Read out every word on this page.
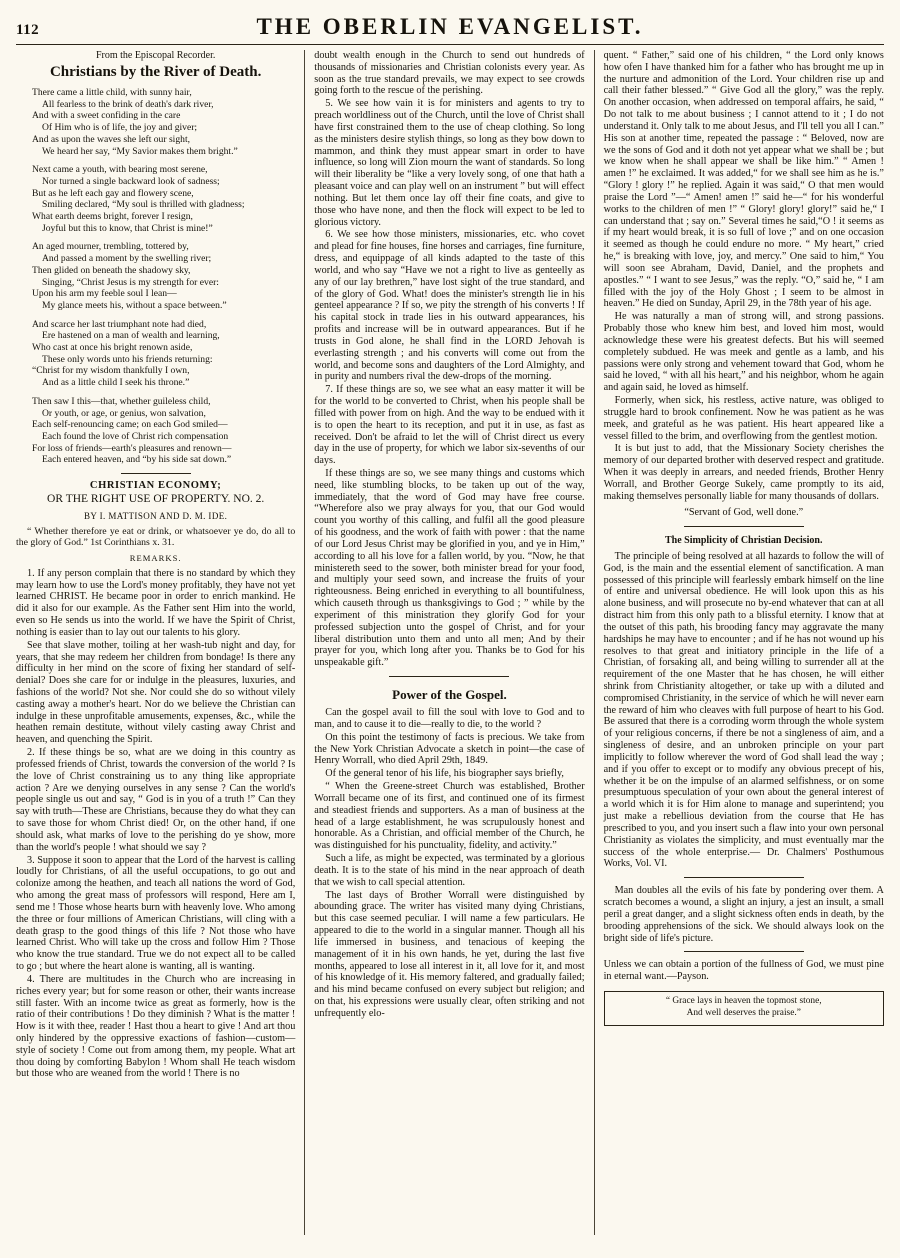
112	THE OBERLIN EVANGELIST.
From the Episcopal Recorder.
Christians by the River of Death.
There came a little child, with sunny hair,
All fearless to the brink of death's dark river,
And with a sweet confiding in the care
Of Him who is of life, the joy and giver;
And as upon the waves she left our sight,
We heard her say, “My Savior makes them bright.”
Next came a youth, with bearing most serene,
Nor turned a single backward look of sadness;
But as he left each gay and flowery scene,
Smiling declared, “My soul is thrilled with gladness;
What earth deems bright, forever I resign,
Joyful but this to know, that Christ is mine!”
An aged mourner, trembling, tottered by,
And passed a moment by the swelling river;
Then glided on beneath the shadowy sky,
Singing, “Christ Jesus is my strength for ever:
Upon his arm my feeble soul I lean—
My glance meets his, without a space between.”
And scarce her last triumphant note had died,
Ere hastened on a man of wealth and learning,
Who cast at once his bright renown aside,
These only words unto his friends returning:
“Christ for my wisdom thankfully I own,
And as a little child I seek his throne.”
Then saw I this—that, whether guileless child,
Or youth, or age, or genius, won salvation,
Each self-renouncing came; on each God smiled—
Each found the love of Christ rich compensation
For loss of friends—earth's pleasures and renown—
Each entered heaven, and “by his side sat down.”
CHRISTIAN ECONOMY;
OR THE RIGHT USE OF PROPERTY. NO. 2.
BY I. MATTISON AND D. M. IDE.
“ Whether therefore ye eat or drink, or whatsoever ye do, do all to the glory of God.” 1st Corinthians x. 31.
REMARKS.

1. If any person complain that there is no standard by which they may learn how to use the Lord's money profitably, they have not yet learned CHRIST. He became poor in order to enrich mankind. He did it also for our example. As the Father sent Him into the world, even so He sends us into the world. If we have the Spirit of Christ, nothing is easier than to lay out our talents to his glory.

See that slave mother, toiling at her wash-tub night and day, for years, that she may redeem her children from bondage! Is there any difficulty in her mind on the score of fixing her standard of self-denial? Does she care for or indulge in the pleasures, luxuries, and fashions of the world? Not she. Nor could she do so without vilely casting away a mother's heart. Nor do we believe the Christian can indulge in these unprofitable amusements, expenses, &c., while the heathen remain destitute, without vilely casting away Christ and heaven, and quenching the Spirit.

2. If these things be so, what are we doing in this country as professed friends of Christ, towards the conversion of the world ? Is the love of Christ constraining us to any thing like appropriate action ? Are we denying ourselves in any sense ? Can the world's people single us out and say, “ God is in you of a truth !” Can they say with truth—These are Christians, because they do what they can to save those for whom Christ died! Or, on the other hand, if one should ask, what marks of love to the perishing do ye show, more than the world's people ! what should we say ?

3. Suppose it soon to appear that the Lord of the harvest is calling loudly for Christians, of all the useful occupations, to go out and colonize among the heathen, and teach all nations the word of God, who among the great mass of professors will respond, Here am I, send me ! Those whose hearts burn with heavenly love. Who among the three or four millions of American Christians, will cling with a death grasp to the good things of this life ? Not those who have learned Christ. Who will take up the cross and follow Him ? Those who know the true standard. True we do not expect all to be called to go ; but where the heart alone is wanting, all is wanting.

4. There are multitudes in the Church who are increasing in riches every year; but for some reason or other, their wants increase still faster. With an income twice as great as formerly, how is the ratio of their contributions ! Do they diminish ? What is the matter ! How is it with thee, reader ! Hast thou a heart to give ! And art thou only hindered by the oppressive exactions of fashion—custom—style of society ! Come out from among them, my people. What art thou doing by comforting Babylon ! Whom shall He teach wisdom but those who are weaned from the world ! There is no

doubt wealth enough in the Church to send out hundreds of thousands of missionaries and Christian colonists every year. As soon as the true standard prevails, we may expect to see crowds going forth to the rescue of the perishing.

5. We see how vain it is for ministers and agents to try to preach worldliness out of the Church, until the love of Christ shall have first constrained them to the use of cheap clothing. So long as the ministers desire stylish things, so long as they bow down to mammon, and think they must appear smart in order to have influence, so long will Zion mourn the want of standards. So long will their liberality be “like a very lovely song, of one that hath a pleasant voice and can play well on an instrument ” but will effect nothing. But let them once lay off their fine coats, and give to those who have none, and then the flock will expect to be led to glorious victory.

6. We see how those ministers, missionaries, etc. who covet and plead for fine houses, fine horses and carriages, fine furniture, dress, and equippage of all kinds adapted to the taste of this world, and who say “Have we not a right to live as genteelly as any of our lay brethren,” have lost sight of the true standard, and of the glory of God. What! does the minister's strength lie in his genteel appearance ? If so, we pity the strength of his converts ! If his capital stock in trade lies in his outward appearances, his profits and increase will be in outward appearances. But if he trusts in God alone, he shall find in the LORD Jehovah is everlasting strength ; and his converts will come out from the world, and become sons and daughters of the Lord Almighty, and in purity and numbers rival the dew-drops of the morning.

7. If these things are so, we see what an easy matter it will be for the world to be converted to Christ, when his people shall be filled with power from on high. And the way to be endued with it is to open the heart to its reception, and put it in use, as fast as received. Don't be afraid to let the will of Christ direct us every day in the use of property, for which we labor six-sevenths of our days.

If these things are so, we see many things and customs which need, like stumbling blocks, to be taken up out of the way, immediately, that the word of God may have free course. “Wherefore also we pray always for you, that our God would count you worthy of this calling, and fulfil all the good pleasure of his goodness, and the work of faith with power : that the name of our Lord Jesus Christ may be glorified in you, and ye in Him,” according to all his love for a fallen world, by you. “Now, he that ministereth seed to the sower, both minister bread for your food, and multiply your seed sown, and increase the fruits of your righteousness. Being enriched in everything to all bountifulness, which causeth through us thanksgivings to God ; ” while by the experiment of this ministration they glorify God for your professed subjection unto the gospel of Christ, and for your liberal distribution unto them and unto all men; And by their prayer for you, which long after you. Thanks be to God for his unspeakable gift.”

Power of the Gospel.

Can the gospel avail to fill the soul with love to God and to man, and to cause it to die—really to die, to the world ?

On this point the testimony of facts is precious. We take from the New York Christian Advocate a sketch in point—the case of Henry Worrall, who died April 29th, 1849.

Of the general tenor of his life, his biographer says briefly,

“ When the Greene-street Church was established, Brother Worrall became one of its first, and continued one of its firmest and steadiest friends and supporters. As a man of business at the head of a large establishment, he was scrupulously honest and honorable. As a Christian, and official member of the Church, he was distinguished for his punctuality, fidelity, and activity.”

Such a life, as might be expected, was terminated by a glorious death. It is to the state of his mind in the near approach of death that we wish to call special attention.

The last days of Brother Worrall were distinguished by abounding grace. The writer has visited many dying Christians, but this case seemed peculiar. I will name a few particulars. He appeared to die to the world in a singular manner. Though all his life immersed in business, and tenacious of keeping the management of it in his own hands, he yet, during the last five months, appeared to lose all interest in it, all love for it, and most of his knowledge of it. His memory faltered, and gradually failed; and his mind became confused on every subject but religion; and on that, his expressions were usually clear, often striking and not unfrequently elo-

quent. “ Father,” said one of his children, “ the Lord only knows how ofen I have thanked him for a father who has brought me up in the nurture and admonition of the Lord. Your children rise up and call their father blessed.” “ Give God all the glory,” was the reply. On another occasion, when addressed on temporal affairs, he said, “ Do not talk to me about business ; I cannot attend to it ; I do not understand it. Only talk to me about Jesus, and I'll tell you all I can.” His son at another time, repeated the passage : “ Beloved, now are we the sons of God and it doth not yet appear what we shall be ; but we know when he shall appear we shall be like him.” “ Amen ! amen !” he exclaimed. It was added,“ for we shall see him as he is.” “Glory ! glory !” he replied. Again it was said,“ O that men would praise the Lord ”—“ Amen! amen !” said he—“ for his wonderful works to the children of men !” “ Glory! glory! glory!” said he,“ I can understand that ; say on.” Several times he said,“O ! it seems as if my heart would break, it is so full of love ;” and on one occasion it seemed as though he could endure no more. “ My heart,” cried he,“ is breaking with love, joy, and mercy.” One said to him,“ You will soon see Abraham, David, Daniel, and the prophets and apostles.” “ I want to see Jesus,” was the reply. “O,” said he, “ I am filled with the joy of the Holy Ghost ; I seem to be almost in heaven.” He died on Sunday, April 29, in the 78th year of his age.

He was naturally a man of strong will, and strong passions. Probably those who knew him best, and loved him most, would acknowledge these were his greatest defects. But his will seemed completely subdued. He was meek and gentle as a lamb, and his passions were only strong and vehement toward that God, whom he said he loved, “ with all his heart,” and his neighbor, whom he again and again said, he loved as himself.

Formerly, when sick, his restless, active nature, was obliged to struggle hard to brook confinement. Now he was patient as he was meek, and grateful as he was patient. His heart appeared like a vessel filled to the brim, and overflowing from the gentlest motion.

It is but just to add, that the Missionary Society cherishes the memory of our departed brother with deserved respect and gratitude. When it was deeply in arrears, and needed friends, Brother Henry Worrall, and Brother George Sukely, came promptly to its aid, making themselves personally liable for many thousands of dollars.

“Servant of God, well done.”
The Simplicity of Christian Decision.

The principle of being resolved at all hazards to follow the will of God, is the main and the essential element of sanctification. A man possessed of this principle will fearlessly embark himself on the line of entire and universal obedience. He will look upon this as his alone business, and will prosecute no by-end whatever that can at all distract him from this only path to a blissful eternity. I know that at the outset of this path, his brooding fancy may aggravate the many hardships he may have to encounter ; and if he has not wound up his resolves to that great and initiatory principle in the life of a Christian, of forsaking all, and being willing to surrender all at the requirement of the one Master that he has chosen, he will either shrink from Christianity altogether, or take up with a diluted and compromised Christianity, in the service of which he will never earn the reward of him who cleaves with full purpose of heart to his God. Be assured that there is a corroding worm through the whole system of your religious concerns, if there be not a singleness of aim, and a singleness of desire, and an unbroken principle on your part implicitly to follow wherever the word of God shall lead the way ; and if you offer to except or to modify any obvious precept of his, whether it be on the impulse of an alarmed selfishness, or on some presumptuous speculation of your own about the general interest of a world which it is for Him alone to manage and superintend; you just make a rebellious deviation from the course that He has prescribed to you, and you insert such a flaw into your own personal Christianity as violates the simplicity, and must eventually mar the success of the whole enterprise.— Dr. Chalmers' Posthumous Works, Vol. VI.

Man doubles all the evils of his fate by pondering over them. A scratch becomes a wound, a slight an injury, a jest an insult, a small peril a great danger, and a slight sickness often ends in death, by the brooding apprehensions of the sick. We should always look on the bright side of life's picture.

Unless we can obtain a portion of the fullness of God, we must pine in eternal want.—Payson.

“ Grace lays in heaven the topmost stone,
And well deserves the praise.”
